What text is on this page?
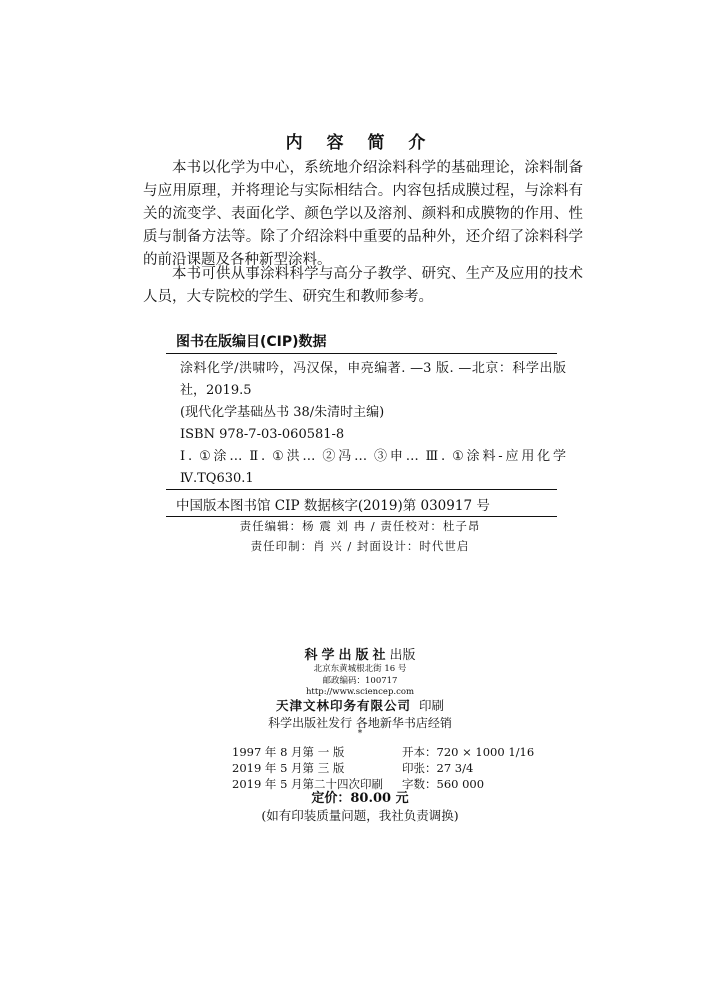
内 容 简 介

本书以化学为中心，系统地介绍涂料科学的基础理论，涂料制备与应用原理，并将理论与实际相结合。内容包括成膜过程，与涂料有关的流变学、表面化学、颜色学以及溶剂、颜料和成膜物的作用、性质与制备方法等。除了介绍涂料中重要的品种外，还介绍了涂料科学的前沿课题及各种新型涂料。

本书可供从事涂料科学与高分子教学、研究、生产及应用的技术人员，大专院校的学生、研究生和教师参考。

图书在版编目(CIP)数据
涂料化学/洪啸吟，冯汉保，申亮编著. —3 版. —北京：科学出版社，2019.5
(现代化学基础丛书 38/朱清时主编)
ISBN 978-7-03-060581-8
Ⅰ. ①涂… Ⅱ. ①洪… ②冯… ③申… Ⅲ. ①涂料-应用化学 Ⅳ.TQ630.1
中国版本图书馆 CIP 数据核字(2019)第 030917 号
责任编辑：杨 震 刘 冉 / 责任校对：杜子昂
责任印制：肖 兴 / 封面设计：时代世启
科学出版社出版
北京东黄城根北街 16 号
邮政编码：100717
http://www.sciencep.com
天津文林印务有限公司 印刷
科学出版社发行 各地新华书店经销
*
1997 年 8 月第 一 版	开本：720 × 1000 1/16
2019 年 5 月第 三 版	印张：27 3/4
2019 年 5 月第二十四次印刷	字数：560 000
定价：80.00 元
(如有印装质量问题，我社负责调换)
